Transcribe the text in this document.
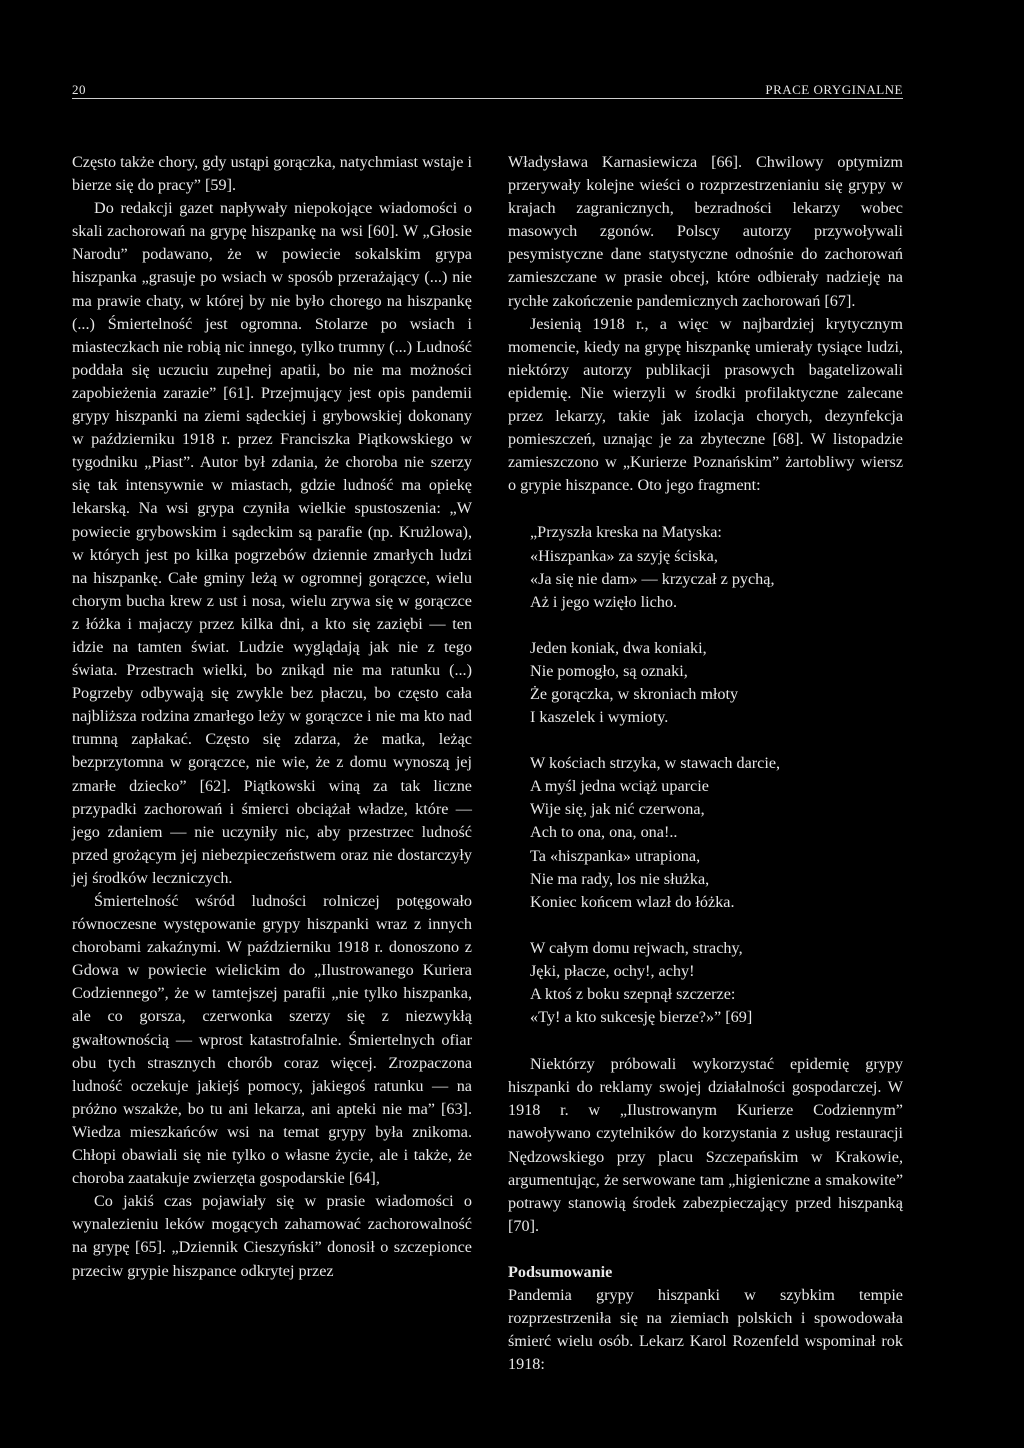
20	PRACE ORYGINALNE

Często także chory, gdy ustąpi gorączka, natychmiast wstaje i bierze się do pracy” [59].

Do redakcji gazet napływały niepokojące wiadomości o skali zachorowań na grypę hiszpankę na wsi [60]. W „Głosie Narodu” podawano, że w powiecie sokalskim grypa hiszpanka „grasuje po wsiach w sposób przerażający (...) nie ma prawie chaty, w której by nie było chorego na hiszpankę (...) Śmiertelność jest ogromna. Stolarze po wsiach i miasteczkach nie robią nic innego, tylko trumny (...) Ludność poddała się uczuciu zupełnej apatii, bo nie ma możności zapobieżenia zarazie” [61]. Przejmujący jest opis pandemii grypy hiszpanki na ziemi sądeckiej i grybowskiej dokonany w październiku 1918 r. przez Franciszka Piątkowskiego w tygodniku „Piast”. Autor był zdania, że choroba nie szerzy się tak intensywnie w miastach, gdzie ludność ma opiekę lekarską. Na wsi grypa czyniła wielkie spustoszenia: „W powiecie grybowskim i sądeckim są parafie (np. Krużlowa), w których jest po kilka pogrzebów dziennie zmarłych ludzi na hiszpankę. Całe gminy leżą w ogromnej gorączce, wielu chorym bucha krew z ust i nosa, wielu zrywa się w gorączce z łóżka i majaczy przez kilka dni, a kto się zaziębi — ten idzie na tamten świat. Ludzie wyglądają jak nie z tego świata. Przestrach wielki, bo znikąd nie ma ratunku (...) Pogrzeby odbywają się zwykle bez płaczu, bo często cała najbliższa rodzina zmarłego leży w gorączce i nie ma kto nad trumną zapłakać. Często się zdarza, że matka, leżąc bezprzytomna w gorączce, nie wie, że z domu wynoszą jej zmarłe dziecko” [62]. Piątkowski winą za tak liczne przypadki zachorowań i śmierci obciążał władze, które — jego zdaniem — nie uczyniły nic, aby przestrzec ludność przed grożącym jej niebezpieczeństwem oraz nie dostarczyły jej środków leczniczych.

Śmiertelność wśród ludności rolniczej potęgowało równoczesne występowanie grypy hiszpanki wraz z innych chorobami zakaźnymi. W październiku 1918 r. donoszono z Gdowa w powiecie wielickim do „Ilustrowanego Kuriera Codziennego”, że w tamtejszej parafii „nie tylko hiszpanka, ale co gorsza, czerwonka szerzy się z niezwykłą gwałtownością — wprost katastrofalnie. Śmiertelnych ofiar obu tych strasznych chorób coraz więcej. Zrozpaczona ludność oczekuje jakiejś pomocy, jakiegoś ratunku — na próżno wszakże, bo tu ani lekarza, ani apteki nie ma” [63]. Wiedza mieszkańców wsi na temat grypy była znikoma. Chłopi obawiali się nie tylko o własne życie, ale i także, że choroba zaatakuje zwierzęta gospodarskie [64],

Co jakiś czas pojawiały się w prasie wiadomości o wynalezieniu leków mogących zahamować zachorowalność na grypę [65]. „Dziennik Cieszyński” donosił o szczepionce przeciw grypie hiszpance odkrytej przez

Władysława Karnasiewicza [66]. Chwilowy optymizm przerywały kolejne wieści o rozprzestrzenianiu się grypy w krajach zagranicznych, bezradności lekarzy wobec masowych zgonów. Polscy autorzy przywoływali pesymistyczne dane statystyczne odnośnie do zachorowań zamieszczane w prasie obcej, które odbierały nadzieję na rychłe zakończenie pandemicznych zachorowań [67].

Jesienią 1918 r., a więc w najbardziej krytycznym momencie, kiedy na grypę hiszpankę umierały tysiące ludzi, niektórzy autorzy publikacji prasowych bagatelizowali epidemię. Nie wierzyli w środki profilaktyczne zalecane przez lekarzy, takie jak izolacja chorych, dezynfekcja pomieszczeń, uznając je za zbyteczne [68]. W listopadzie zamieszczono w „Kurierze Poznańskim” żartobliwy wiersz o grypie hiszpance. Oto jego fragment:

„Przyszła kreska na Matyska:
«Hiszpanka» za szyję ściska,
«Ja się nie dam» — krzyczał z pychą,
Aż i jego wzięło licho.
Jeden koniak, dwa koniaki,
Nie pomogło, są oznaki,
Że gorączka, w skroniach młoty
I kaszelek i wymioty.
W kościach strzyka, w stawach darcie,
A myśl jedna wciąż uparcie
Wije się, jak nić czerwona,
Ach to ona, ona, ona!..
Ta «hiszpanka» utrapiona,
Nie ma rady, los nie służka,
Koniec końcem wlazł do łóżka.
W całym domu rejwach, strachy,
Jęki, płacze, ochy!, achy!
A ktoś z boku szepnął szczerze:
«Ty! a kto sukcesję bierze?»” [69]

Niektórzy próbowali wykorzystać epidemię grypy hiszpanki do reklamy swojej działalności gospodarczej. W 1918 r. w „Ilustrowanym Kurierze Codziennym” nawoływano czytelników do korzystania z usług restauracji Nędzowskiego przy placu Szczepańskim w Krakowie, argumentując, że serwowane tam „higieniczne a smakowite” potrawy stanowią środek zabezpieczający przed hiszpanką [70].

Podsumowanie

Pandemia grypy hiszpanki w szybkim tempie rozprzestrzeniła się na ziemiach polskich i spowodowała śmierć wielu osób. Lekarz Karol Rozenfeld wspominał rok 1918:
